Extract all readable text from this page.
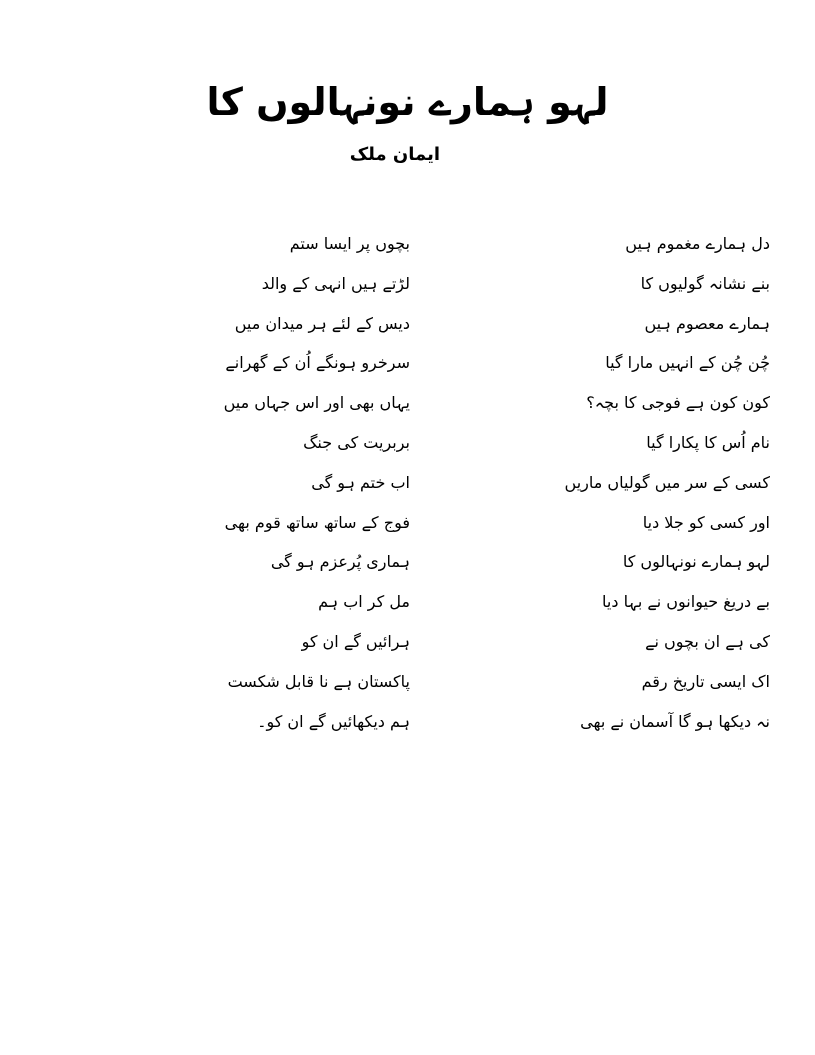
لہو ہمارے نونہالوں کا
ایمان ملک
دل ہمارے مغموم ہیں
بنے نشانہ گولیوں کا
ہمارے معصوم ہیں
چُن چُن کے انہیں مارا گیا
کون کون ہے فوجی کا بچہ؟
نام اُس کا پکارا گیا
کسی کے سر میں گولیاں ماریں
اور کسی کو جلا دیا
لہو ہمارے نونہالوں کا
بے دریغ حیوانوں نے بہا دیا
کی ہے ان بچوں نے
اک ایسی تاریخ رقم
نہ دیکھا ہو گا آسمان نے بھی
بچوں پر ایسا ستم
لڑتے ہیں انہی کے والد
دیس کے لئے ہر میدان میں
سرخرو ہونگے اُن کے گھرانے
یہاں بھی اور اس جہاں میں
بربریت کی جنگ
اب ختم ہو گی
فوج کے ساتھ ساتھ قوم بھی
ہماری پُرعزم ہو گی
مل کر اب ہم
ہرائیں گے ان کو
پاکستان ہے نا قابل شکست
ہم دیکھائیں گے ان کو۔
